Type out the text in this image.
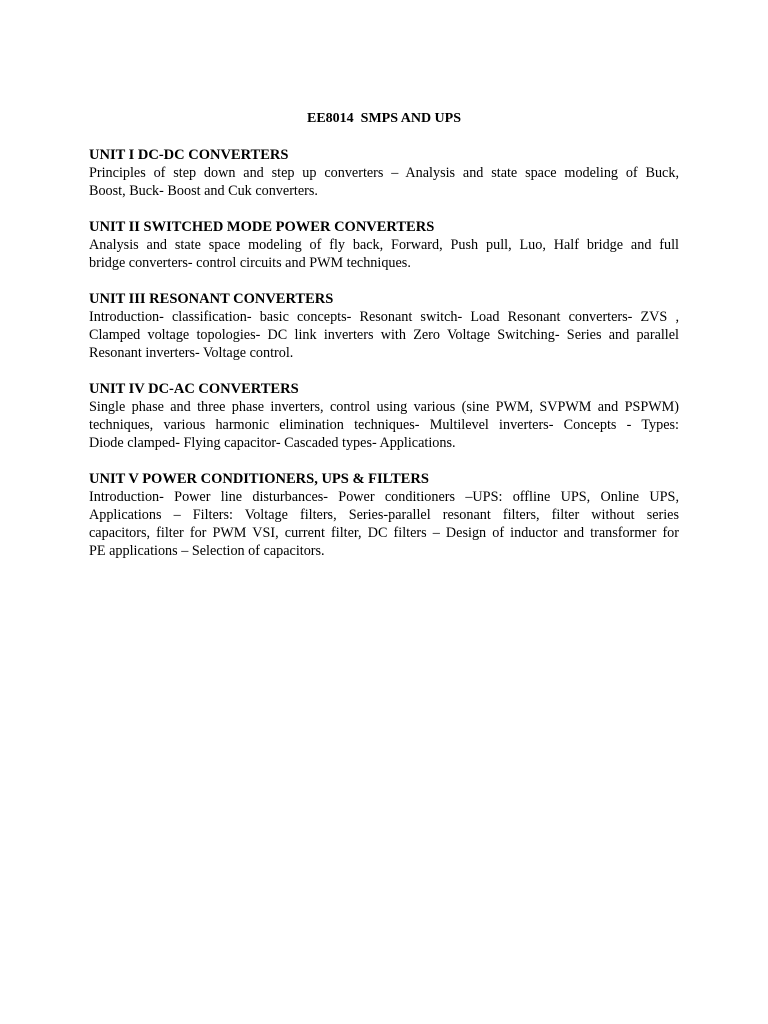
EE8014  SMPS AND UPS
UNIT I DC-DC CONVERTERS
Principles of step down and step up converters – Analysis and state space modeling of Buck,
Boost, Buck- Boost and Cuk converters.
UNIT II SWITCHED MODE POWER CONVERTERS
Analysis and state space modeling of fly back, Forward, Push pull, Luo, Half bridge and full
bridge converters- control circuits and PWM techniques.
UNIT III RESONANT CONVERTERS
Introduction- classification- basic concepts- Resonant switch- Load Resonant converters- ZVS ,
Clamped voltage topologies- DC link inverters with Zero Voltage Switching- Series and parallel
Resonant inverters- Voltage control.
UNIT IV DC-AC CONVERTERS
Single phase and three phase inverters, control using various (sine PWM, SVPWM and PSPWM)
techniques, various harmonic elimination techniques- Multilevel inverters- Concepts - Types:
Diode clamped- Flying capacitor- Cascaded types- Applications.
UNIT V POWER CONDITIONERS, UPS & FILTERS
Introduction- Power line disturbances- Power conditioners –UPS: offline UPS, Online UPS,
Applications – Filters: Voltage filters, Series-parallel resonant filters, filter without series
capacitors, filter for PWM VSI, current filter, DC filters – Design of inductor and transformer for
PE applications – Selection of capacitors.
